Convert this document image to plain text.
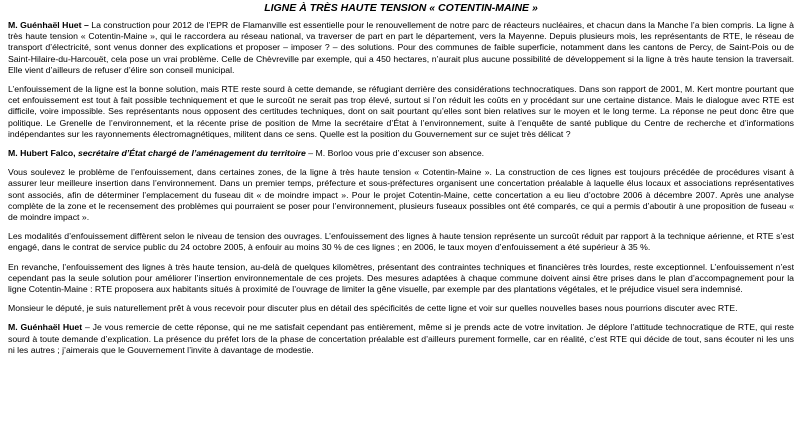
LIGNE À TRÈS HAUTE TENSION « COTENTIN-MAINE »

M. Guénhaël Huet – La construction pour 2012 de l’EPR de Flamanville est essentielle pour le renouvellement de notre parc de réacteurs nucléaires, et chacun dans la Manche l’a bien compris. La ligne à très haute tension « Cotentin-Maine », qui le raccordera au réseau national, va traverser de part en part le département, vers la Mayenne. Depuis plusieurs mois, les représentants de RTE, le réseau de transport d’électricité, sont venus donner des explications et proposer – imposer ? – des solutions. Pour des communes de faible superficie, notamment dans les cantons de Percy, de Saint-Pois ou de Saint-Hilaire-du-Harcouët, cela pose un vrai problème. Celle de Chèvreville par exemple, qui a 450 hectares, n’aurait plus aucune possibilité de développement si la ligne à très haute tension la traversait. Elle vient d’ailleurs de refuser d’élire son conseil municipal.

L’enfouissement de la ligne est la bonne solution, mais RTE reste sourd à cette demande, se réfugiant derrière des considérations technocratiques. Dans son rapport de 2001, M. Kert montre pourtant que cet enfouissement est tout à fait possible techniquement et que le surcoût ne serait pas trop élevé, surtout si l’on réduit les coûts en y procédant sur une certaine distance. Mais le dialogue avec RTE est difficile, voire impossible. Ses représentants nous opposent des certitudes techniques, dont on sait pourtant qu’elles sont bien relatives sur le moyen et le long terme. La réponse ne peut donc être que politique. Le Grenelle de l’environnement, et la récente prise de position de Mme la secrétaire d’État à l’environnement, suite à l’enquête de santé publique du Centre de recherche et d’informations indépendantes sur les rayonnements électromagnétiques, militent dans ce sens. Quelle est la position du Gouvernement sur ce sujet très délicat ?

M. Hubert Falco, secrétaire d’État chargé de l’aménagement du territoire – M. Borloo vous prie d’excuser son absence.

Vous soulevez le problème de l’enfouissement, dans certaines zones, de la ligne à très haute tension « Cotentin-Maine ». La construction de ces lignes est toujours précédée de procédures visant à assurer leur meilleure insertion dans l’environnement. Dans un premier temps, préfecture et sous-préfectures organisent une concertation préalable à laquelle élus locaux et associations représentatives sont associés, afin de déterminer l’emplacement du fuseau dit « de moindre impact ». Pour le projet Cotentin-Maine, cette concertation a eu lieu d’octobre 2006 à décembre 2007. Après une analyse complète de la zone et le recensement des problèmes qui pourraient se poser pour l’environnement, plusieurs fuseaux possibles ont été comparés, ce qui a permis d’aboutir à une proposition de fuseau « de moindre impact ».

Les modalités d’enfouissement diffèrent selon le niveau de tension des ouvrages. L’enfouissement des lignes à haute tension représente un surcoût réduit par rapport à la technique aérienne, et RTE s’est engagé, dans le contrat de service public du 24 octobre 2005, à enfouir au moins 30 % de ces lignes ; en 2006, le taux moyen d’enfouissement a été supérieur à 35 %.

En revanche, l’enfouissement des lignes à très haute tension, au-delà de quelques kilomètres, présentant des contraintes techniques et financières très lourdes, reste exceptionnel. L’enfouissement n’est cependant pas la seule solution pour améliorer l’insertion environnementale de ces projets. Des mesures adaptées à chaque commune doivent ainsi être prises dans le plan d’accompagnement pour la ligne Cotentin-Maine : RTE proposera aux habitants situés à proximité de l’ouvrage de limiter la gêne visuelle, par exemple par des plantations végétales, et le préjudice visuel sera indemnisé.

Monsieur le député, je suis naturellement prêt à vous recevoir pour discuter plus en détail des spécificités de cette ligne et voir sur quelles nouvelles bases nous pourrions discuter avec RTE.

M. Guénhaël Huet – Je vous remercie de cette réponse, qui ne me satisfait cependant pas entièrement, même si je prends acte de votre invitation. Je déplore l’attitude technocratique de RTE, qui reste sourd à toute demande d’explication. La présence du préfet lors de la phase de concertation préalable est d’ailleurs purement formelle, car en réalité, c’est RTE qui décide de tout, sans écouter ni les uns ni les autres ; j’aimerais que le Gouvernement l’invite à davantage de modestie.
